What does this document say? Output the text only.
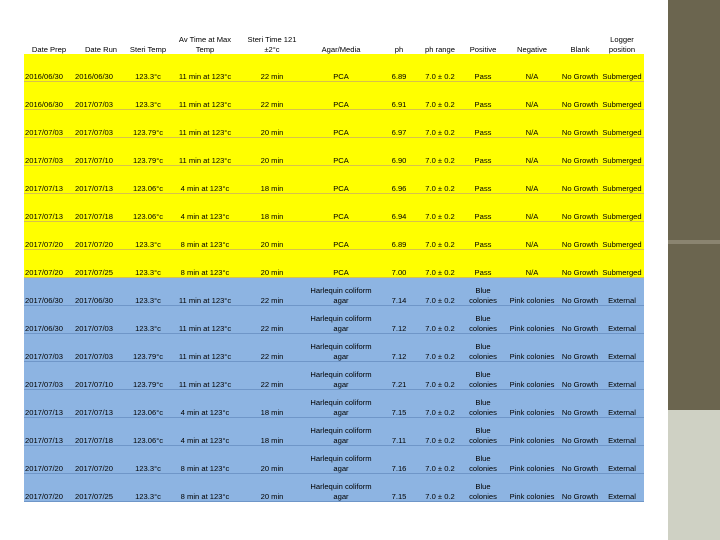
Date Prep	Date Run	Steri Temp	Av Time at Max Temp	Steri Time 121 ±2°c	Agar/Media	ph	ph range	Positive	Negative	Blank	Logger position
2016/06/30	2016/06/30	123.3°c	11 min at 123°c	22 min	PCA	6.89	7.0 ± 0.2	Pass	N/A	No Growth	Submerged
2016/06/30	2017/07/03	123.3°c	11 min at 123°c	22 min	PCA	6.91	7.0 ± 0.2	Pass	N/A	No Growth	Submerged
2017/07/03	2017/07/03	123.79°c	11 min at 123°c	20 min	PCA	6.97	7.0 ± 0.2	Pass	N/A	No Growth	Submerged
2017/07/03	2017/07/10	123.79°c	11 min at 123°c	20 min	PCA	6.90	7.0 ± 0.2	Pass	N/A	No Growth	Submerged
2017/07/13	2017/07/13	123.06°c	4 min at 123°c	18 min	PCA	6.96	7.0 ± 0.2	Pass	N/A	No Growth	Submerged
2017/07/13	2017/07/18	123.06°c	4 min at 123°c	18 min	PCA	6.94	7.0 ± 0.2	Pass	N/A	No Growth	Submerged
2017/07/20	2017/07/20	123.3°c	8 min at 123°c	20 min	PCA	6.89	7.0 ± 0.2	Pass	N/A	No Growth	Submerged
2017/07/20	2017/07/25	123.3°c	8 min at 123°c	20 min	PCA	7.00	7.0 ± 0.2	Pass	N/A	No Growth	Submerged
2017/06/30	2017/06/30	123.3°c	11 min at 123°c	22 min	Harlequin coliform agar	7.14	7.0 ± 0.2	Blue colonies	Pink colonies	No Growth	External
2017/06/30	2017/07/03	123.3°c	11 min at 123°c	22 min	Harlequin coliform agar	7.12	7.0 ± 0.2	Blue colonies	Pink colonies	No Growth	External
2017/07/03	2017/07/03	123.79°c	11 min at 123°c	22 min	Harlequin coliform agar	7.12	7.0 ± 0.2	Blue colonies	Pink colonies	No Growth	External
2017/07/03	2017/07/10	123.79°c	11 min at 123°c	22 min	Harlequin coliform agar	7.21	7.0 ± 0.2	Blue colonies	Pink colonies	No Growth	External
2017/07/13	2017/07/13	123.06°c	4 min at 123°c	18 min	Harlequin coliform agar	7.15	7.0 ± 0.2	Blue colonies	Pink colonies	No Growth	External
2017/07/13	2017/07/18	123.06°c	4 min at 123°c	18 min	Harlequin coliform agar	7.11	7.0 ± 0.2	Blue colonies	Pink colonies	No Growth	External
2017/07/20	2017/07/20	123.3°c	8 min at 123°c	20 min	Harlequin coliform agar	7.16	7.0 ± 0.2	Blue colonies	Pink colonies	No Growth	External
2017/07/20	2017/07/25	123.3°c	8 min at 123°c	20 min	Harlequin coliform agar	7.15	7.0 ± 0.2	Blue colonies	Pink colonies	No Growth	External
